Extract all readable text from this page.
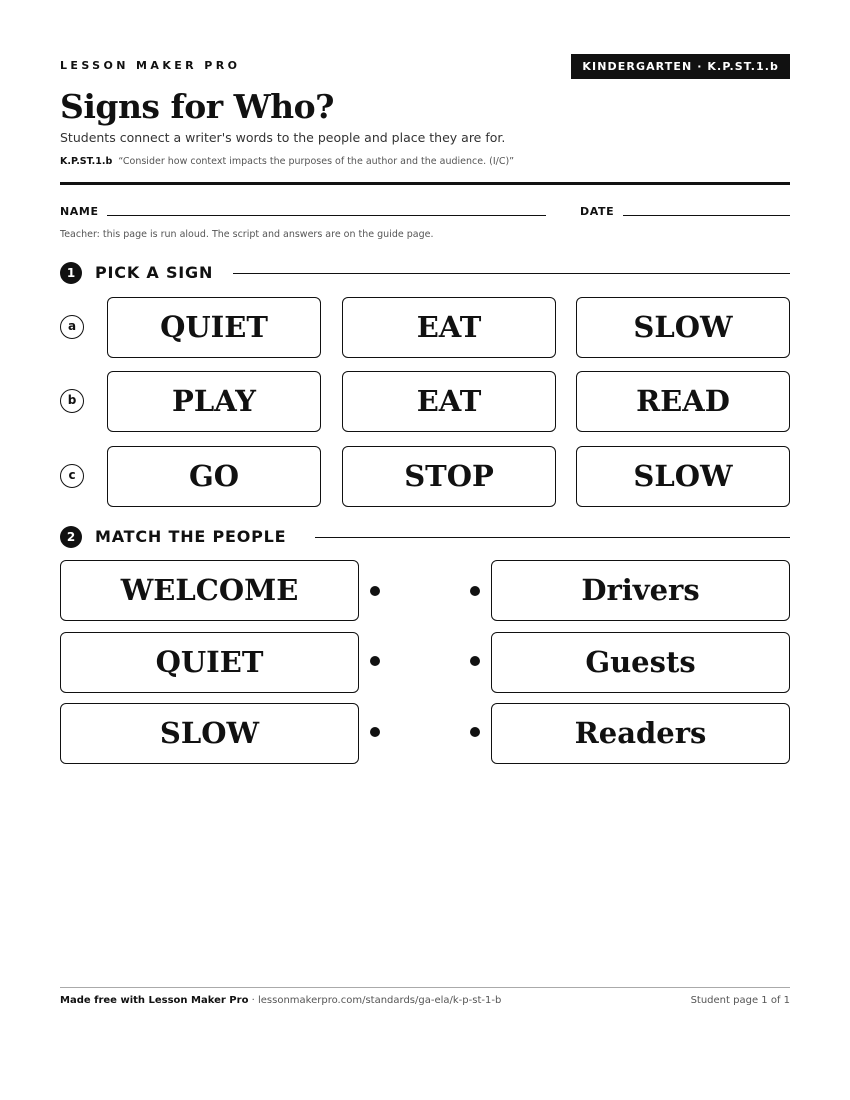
LESSON MAKER PRO	KINDERGARTEN · K.P.ST.1.b
Signs for Who?
Students connect a writer's words to the people and place they are for.
K.P.ST.1.b “Consider how context impacts the purposes of the author and the audience. (I/C)”
NAME	DATE
Teacher: this page is run aloud. The script and answers are on the guide page.
1	PICK A SIGN
a	QUIET	EAT	SLOW
b	PLAY	EAT	READ
c	GO	STOP	SLOW
2	MATCH THE PEOPLE
WELCOME	Drivers
QUIET	Guests
SLOW	Readers
Made free with Lesson Maker Pro · lessonmakerpro.com/standards/ga-ela/k-p-st-1-b	Student page 1 of 1
